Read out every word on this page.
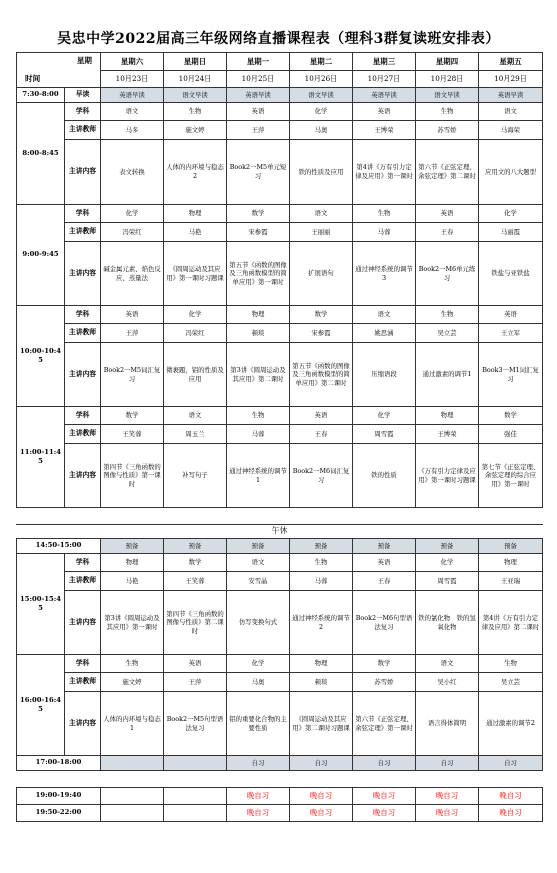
吴忠中学2022届高三年级网络直播课程表（理科3群复读班安排表）
星期
时间		星期六	星期日	星期一	星期二	星期三	星期四	星期五
		10月23日	10月24日	10月25日	10月26日	10月27日	10月28日	10月29日
7:30-8:00	早读	英语早读	语文早读	英语早读	语文早读	英语早读	语文早读	英语早读
8:00-8:45	学科	语文	生物	英语	化学	英语	生物	语文
	主讲教师	马多	施文婷	王萍	马奥	王博荣	苏雪娇	马海荣
	主讲内容	表文转换	人体的内环境与稳态2	Book2一M5单元短习	铁的性质及应用	第4讲《万有引力定律及应用》第一课时	第六节《正弦定理、余弦定理》第二课时	应用文的八大题型
9:00-9:45	学科	化学	物理	数学	语文	生物	英语	化学
	主讲教师	冯荣红	马艳	宋参霞	王丽丽	马蓉	王春	马丽霞
	主讲内容	碱金属元素、焰色反应、蒸量法	《圆周运动及其应用》第一课时习题课	第五节《函数的图像及三角函数模型的简单应用》第一课时	扩展语句	通过神经系统的调节3	Book2一M6单元练习	铁盐与亚铁盐
10:00-10:45	学科	英语	化学	物理	数学	语文	生物	英语
	主讲教师	王萍	冯荣红	顿琰	宋参霞	姚思涵	吴立芸	王立军
	主讲内容	Book2一M5词汇复习	微裹題，铝的性质及应用	第3讲《圆周运动及其应用》第二课时	第五节《函数的图像及三角函数模型的简单应用》第二课时	压缩语段	通过激素的调节1	Book3一M1词汇复习
11:00-11:45	学科	数学	语文	生物	英语	化学	物理	数学
	主讲教师	王笑蓉	周玉兰	马蓉	王春	周雪霞	王博荣	强佳
	主讲内容	第四节《三角函数的图像与性质》第一课时	补写句子	通过神经系统的调节1	Book2一M6词汇复习	铁的性质	《万有引力定律及应用》第一课时习题课	第七节《正弦定理、余弦定理的综合应用》第一课时

午休								
14:50-15:00		预备	预备	预备	预备	预备	预备	预备
15:00-15:45	学科	物理	数学	语文	生物	英语	化学	物理
	主讲教师	马艳	王笑蓉	安雪晶	马蓉	王春	周雪霞	王亚瑞
	主讲内容	第3讲《圆周运动及其应用》第一课时	第四节《三角函数的图像与性质》第二课时	仿写变换句式	通过神经系统的调节2	Book2一M6句型语法复习	铁的氯化物　铁的氢氧化物	第4讲《万有引力定律及应用》第二课时
16:00-16:45	学科	生物	英语	化学	物理	数学	语文	生物
	主讲教师	施文婷	王萍	马奥	顿琰	苏雪娇	吴小红	吴立芸
	主讲内容	人体的内环境与稳态1	Book2一M5句型语法复习	铝的重要化合物的主要性质	《圆周运动及其应用》第二课时习题课	第六节《正弦定理、余弦定理》第一课时	语言得体简明	通过激素的调节2
17:00-18:00				自习	自习	自习	自习	自习

19:00-19:40				晚自习	晚自习	晚自习	晚自习	晚自习
19:50-22:00				晚自习	晚自习	晚自习	晚自习	晚自习
